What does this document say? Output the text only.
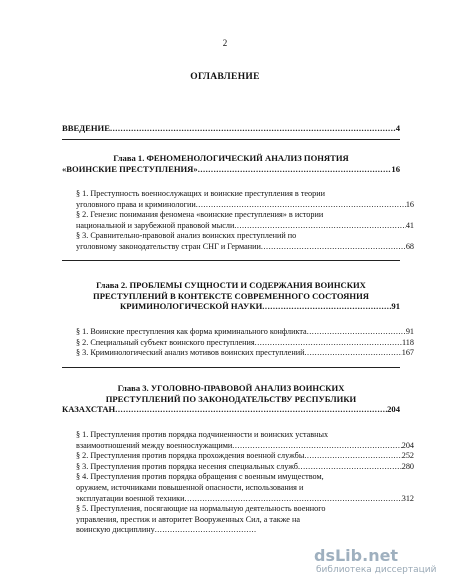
2
ОГЛАВЛЕНИЕ
ВВЕДЕНИЕ .....	4
Глава 1. ФЕНОМЕНОЛОГИЧЕСКИЙ АНАЛИЗ ПОНЯТИЯ
«ВОИНСКИЕ ПРЕСТУПЛЕНИЯ» .....	16
§ 1. Преступность военнослужащих и воинские преступления в теории
уголовного права и криминологии .....	16
§ 2. Генезис понимания феномена «воинские преступления» в истории
национальной и зарубежной правовой мысли .....	41
§ 3. Сравнительно-правовой анализ воинских преступлений по
уголовному законодательству стран СНГ и Германии .....	68
Глава 2. ПРОБЛЕМЫ СУЩНОСТИ И СОДЕРЖАНИЯ ВОИНСКИХ
ПРЕСТУПЛЕНИЙ В КОНТЕКСТЕ СОВРЕМЕННОГО СОСТОЯНИЯ
КРИМИНОЛОГИЧЕСКОЙ НАУКИ .....	91
§ 1. Воинские преступления как форма криминального конфликта .....	91
§ 2. Специальный субъект воинского преступления .....	118
§ 3. Криминологический анализ мотивов воинских преступлений .....	167
Глава 3. УГОЛОВНО-ПРАВОВОЙ АНАЛИЗ ВОИНСКИХ
ПРЕСТУПЛЕНИЙ ПО ЗАКОНОДАТЕЛЬСТВУ РЕСПУБЛИКИ
КАЗАХСТАН .....	204
§ 1. Преступления против порядка подчиненности и воинских уставных
взаимоотношений между военнослужащими .....	204
§ 2. Преступления против порядка прохождения военной службы .....	252
§ 3. Преступления против порядка несения специальных служб .....	280
§ 4. Преступления против порядка обращения с военным имуществом,
оружием, источниками повышенной опасности, использования и
эксплуатации военной техники .....	312
§ 5. Преступления, посягающие на нормальную деятельность военного
управления, престиж и авторитет Вооруженных Сил, а также на
воинскую дисциплину........................................
dsLib.net
библиотека диссертаций
